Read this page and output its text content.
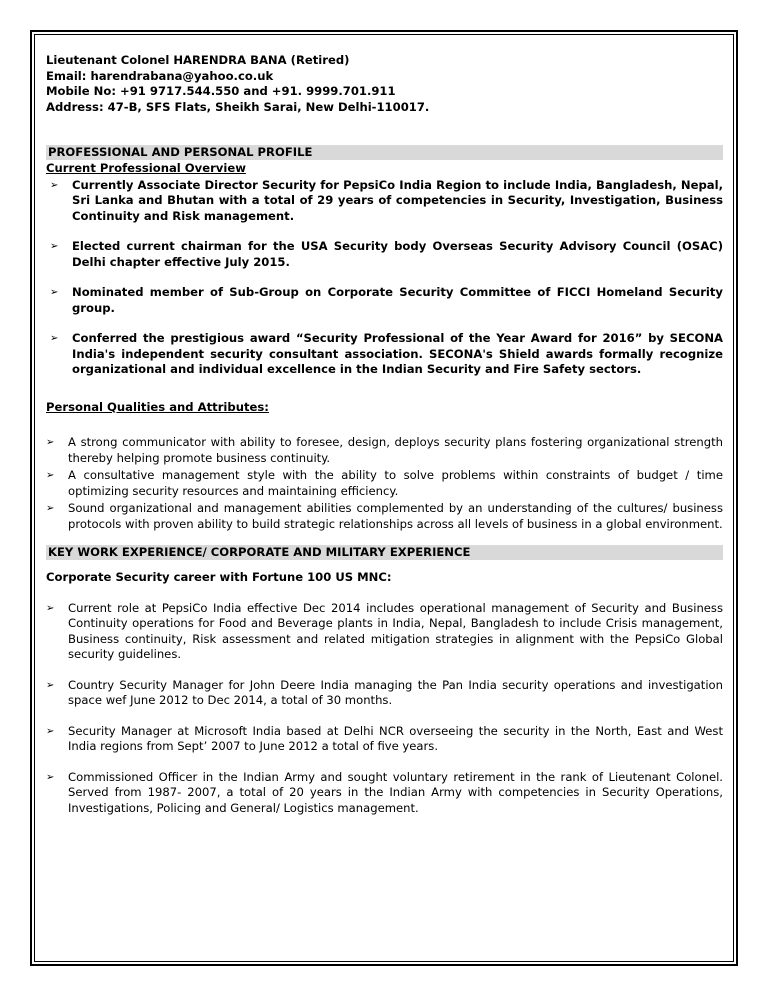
Lieutenant Colonel HARENDRA BANA (Retired)

Email: harendrabana@yahoo.co.uk

Mobile No: +91 9717.544.550 and +91. 9999.701.911

Address: 47-B, SFS Flats, Sheikh Sarai, New Delhi-110017.

PROFESSIONAL AND PERSONAL PROFILE

Current Professional Overview

➢ Currently Associate Director Security for PepsiCo India Region to include India, Bangladesh, Nepal, Sri Lanka and Bhutan with a total of 29 years of competencies in Security, Investigation, Business Continuity and Risk management.
➢ Elected current chairman for the USA Security body Overseas Security Advisory Council (OSAC) Delhi chapter effective July 2015.
➢ Nominated member of Sub-Group on Corporate Security Committee of FICCI Homeland Security group.
➢ Conferred the prestigious award “Security Professional of the Year Award for 2016” by SECONA India's independent security consultant association. SECONA's Shield awards formally recognize organizational and individual excellence in the Indian Security and Fire Safety sectors.

Personal Qualities and Attributes:

➢ A strong communicator with ability to foresee, design, deploys security plans fostering organizational strength thereby helping promote business continuity.
➢ A consultative management style with the ability to solve problems within constraints of budget / time optimizing security resources and maintaining efficiency.
➢ Sound organizational and management abilities complemented by an understanding of the cultures/ business protocols with proven ability to build strategic relationships across all levels of business in a global environment.

KEY WORK EXPERIENCE/ CORPORATE AND MILITARY EXPERIENCE

Corporate Security career with Fortune 100 US MNC:

➢ Current role at PepsiCo India effective Dec 2014 includes operational management of Security and Business Continuity operations for Food and Beverage plants in India, Nepal, Bangladesh to include Crisis management, Business continuity, Risk assessment and related mitigation strategies in alignment with the PepsiCo Global security guidelines.
➢ Country Security Manager for John Deere India managing the Pan India security operations and investigation space wef June 2012 to Dec 2014, a total of 30 months.
➢ Security Manager at Microsoft India based at Delhi NCR overseeing the security in the North, East and West India regions from Sept’ 2007 to June 2012 a total of five years.
➢ Commissioned Officer in the Indian Army and sought voluntary retirement in the rank of Lieutenant Colonel. Served from 1987- 2007, a total of 20 years in the Indian Army with competencies in Security Operations, Investigations, Policing and General/ Logistics management.
